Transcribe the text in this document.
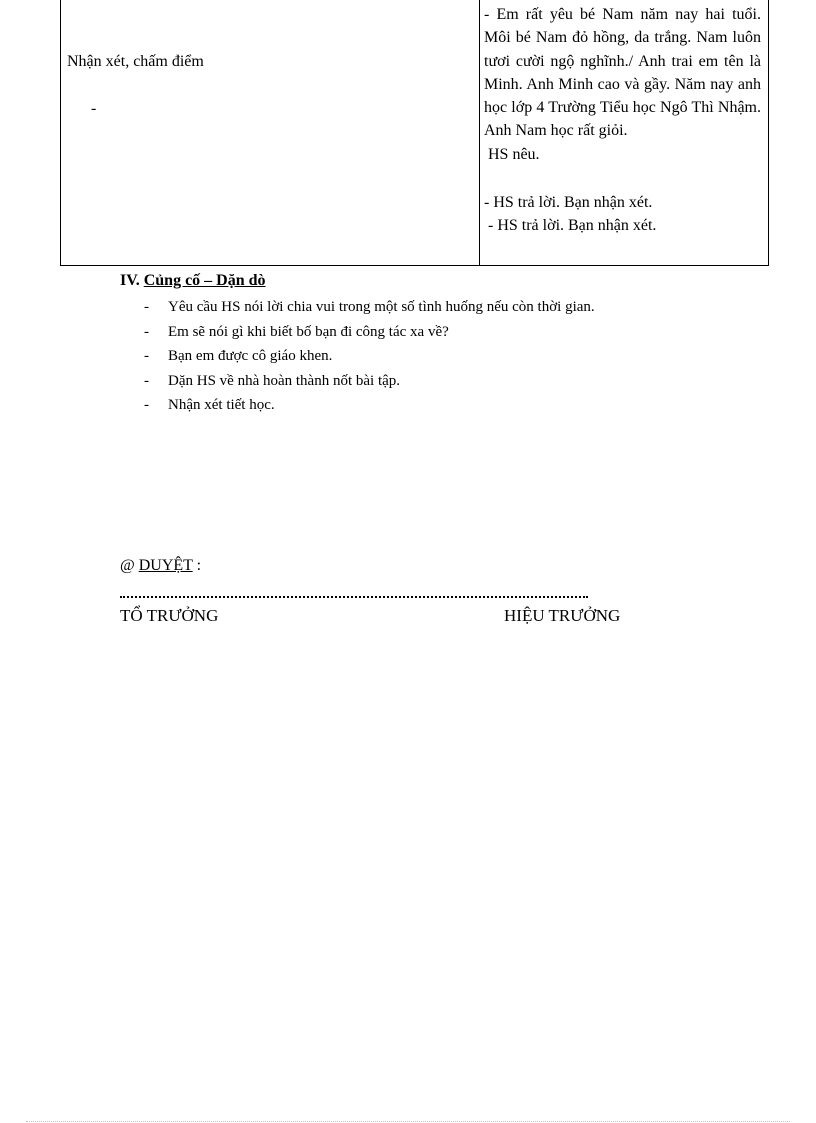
Nhận xét, chấm điểm
-
- Em rất yêu bé Nam năm nay hai tuổi. Môi bé Nam đỏ hồng, da trắng. Nam luôn tươi cười ngộ nghĩnh./ Anh trai em tên là Minh. Anh Minh cao và gầy. Năm nay anh học lớp 4 Trường Tiểu học Ngô Thì Nhậm. Anh Nam học rất giỏi.
HS nêu.
- HS trả lời. Bạn nhận xét.
- HS trả lời. Bạn nhận xét.
IV. Củng cố – Dặn dò
- Yêu cầu HS nói lời chia vui trong một số tình huống nếu còn thời gian.
- Em sẽ nói gì khi biết bố bạn đi công tác xa về?
- Bạn em được cô giáo khen.
- Dặn HS về nhà hoàn thành nốt bài tập.
- Nhận xét tiết học.
@ DUYỆT :
TỔ TRƯỞNG	HIỆU TRƯỞNG
